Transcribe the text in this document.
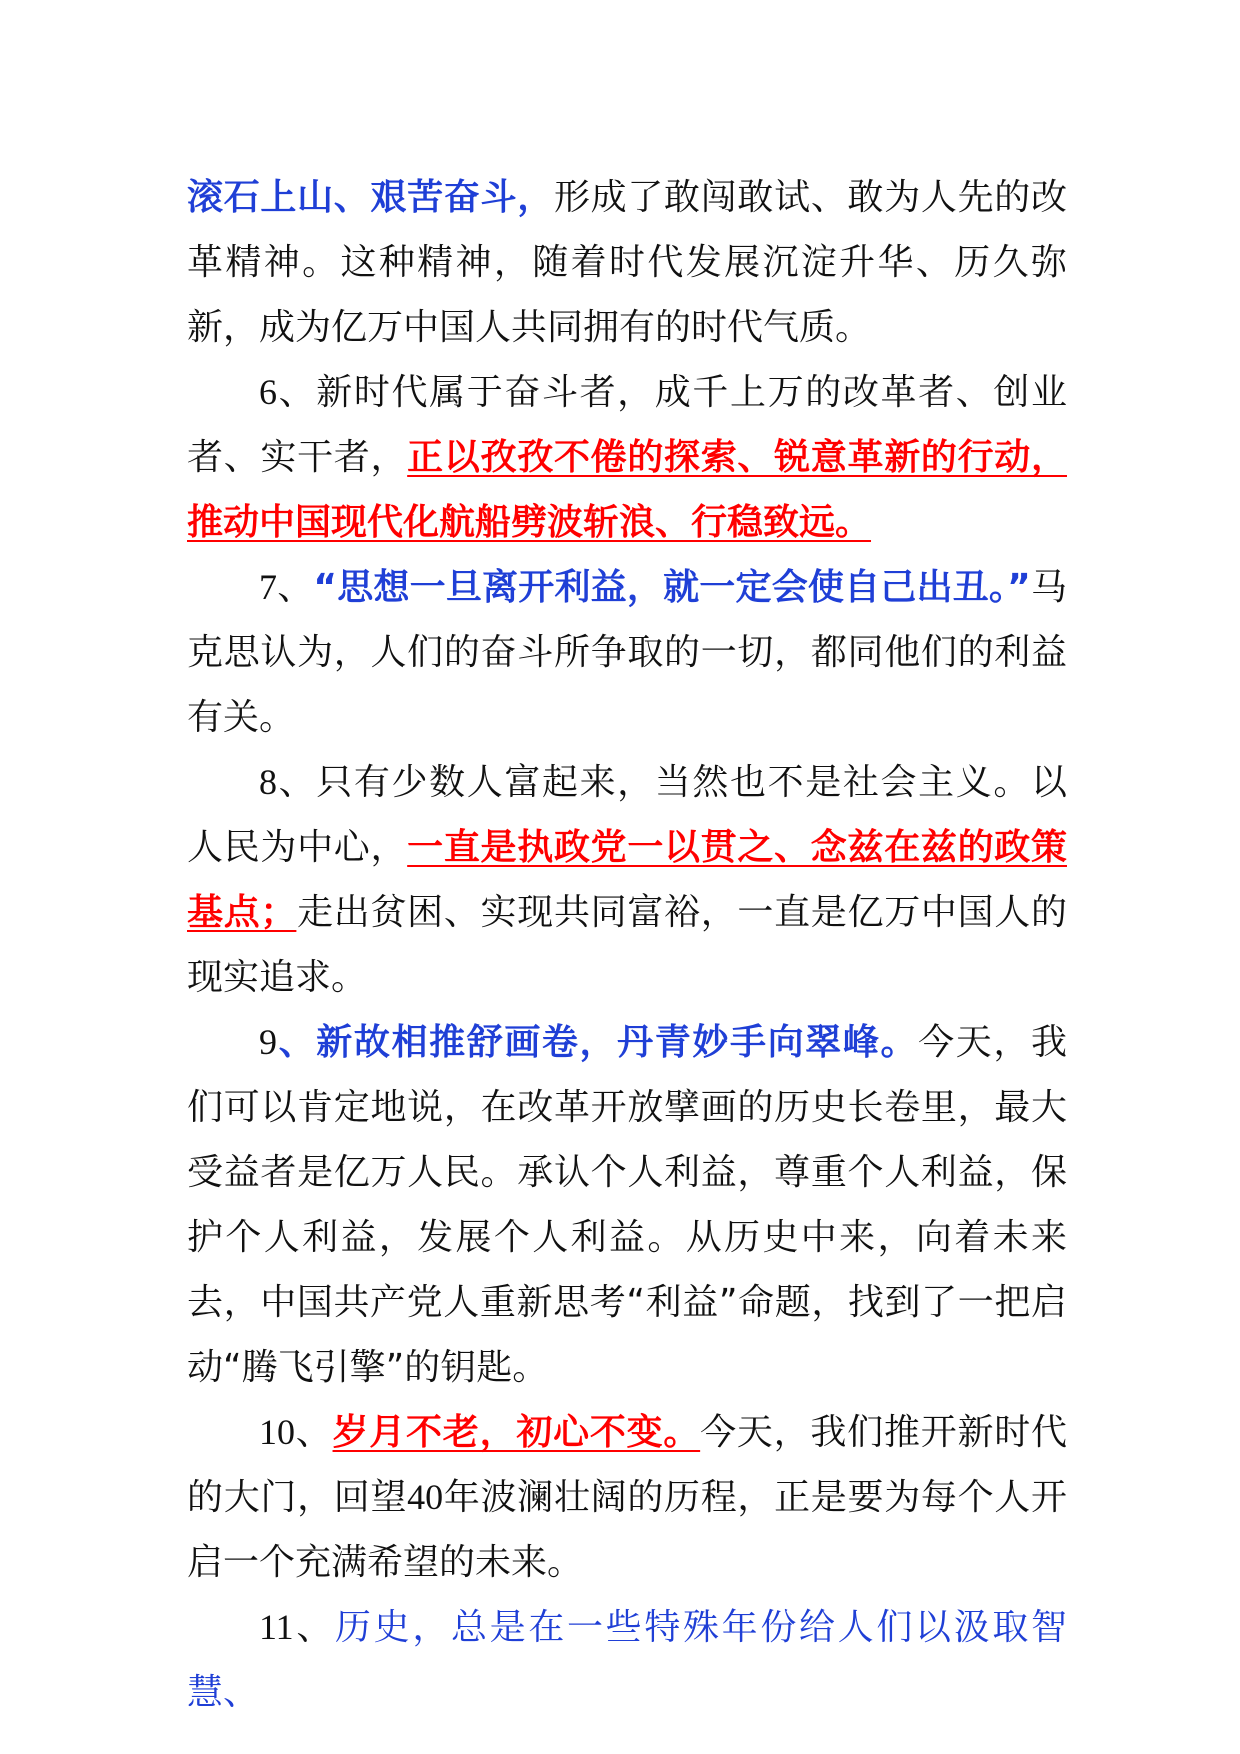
滚石上山、艰苦奋斗，形成了敢闯敢试、敢为人先的改革精神。这种精神，随着时代发展沉淀升华、历久弥新，成为亿万中国人共同拥有的时代气质。

6、新时代属于奋斗者，成千上万的改革者、创业者、实干者，正以孜孜不倦的探索、锐意革新的行动，推动中国现代化航船劈波斩浪、行稳致远。

7、“思想一旦离开利益，就一定会使自己出丑。”马克思认为，人们的奋斗所争取的一切，都同他们的利益有关。

8、只有少数人富起来，当然也不是社会主义。以人民为中心，一直是执政党一以贯之、念兹在兹的政策基点；走出贫困、实现共同富裕，一直是亿万中国人的现实追求。

9、新故相推舒画卷，丹青妙手向翠峰。今天，我们可以肯定地说，在改革开放擘画的历史长卷里，最大受益者是亿万人民。承认个人利益，尊重个人利益，保护个人利益，发展个人利益。从历史中来，向着未来去，中国共产党人重新思考“利益”命题，找到了一把启动“腾飞引擎”的钥匙。

10、岁月不老，初心不变。今天，我们推开新时代的大门，回望40年波澜壮阔的历程，正是要为每个人开启一个充满希望的未来。

11、历史，总是在一些特殊年份给人们以汲取智慧、
